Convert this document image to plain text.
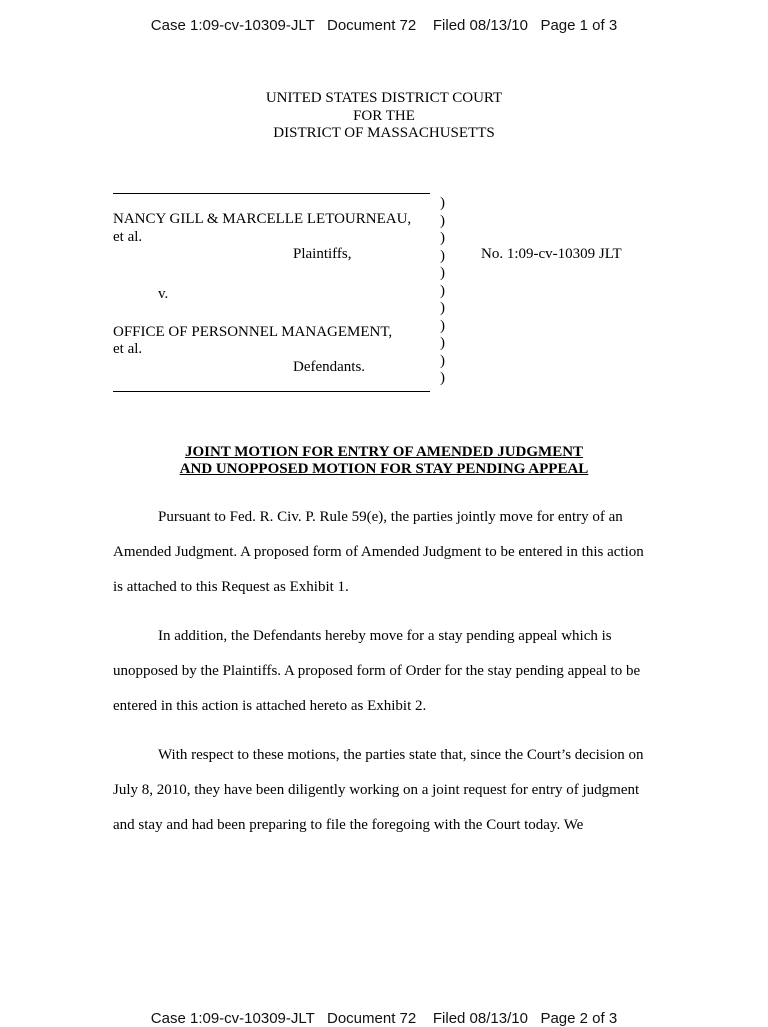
Case 1:09-cv-10309-JLT   Document 72    Filed 08/13/10   Page 1 of 3
UNITED STATES DISTRICT COURT
FOR THE
DISTRICT OF MASSACHUSETTS
NANCY GILL & MARCELLE LETOURNEAU,
et al.
Plaintiffs,
v.
OFFICE OF PERSONNEL MANAGEMENT,
et al.
Defendants.
)
)
)
)
)
)
)
)
)
)
)
No. 1:09-cv-10309 JLT
JOINT MOTION FOR ENTRY OF AMENDED JUDGMENT
AND UNOPPOSED MOTION FOR STAY PENDING APPEAL
Pursuant to Fed. R. Civ. P. Rule 59(e), the parties jointly move for entry of an
Amended Judgment. A proposed form of Amended Judgment to be entered in this action
is attached to this Request as Exhibit 1.
In addition, the Defendants hereby move for a stay pending appeal which is
unopposed by the Plaintiffs. A proposed form of Order for the stay pending appeal to be
entered in this action is attached hereto as Exhibit 2.
With respect to these motions, the parties state that, since the Court’s decision on
July 8, 2010, they have been diligently working on a joint request for entry of judgment
and stay and had been preparing to file the foregoing with the Court today. We
Case 1:09-cv-10309-JLT   Document 72    Filed 08/13/10   Page 2 of 3
